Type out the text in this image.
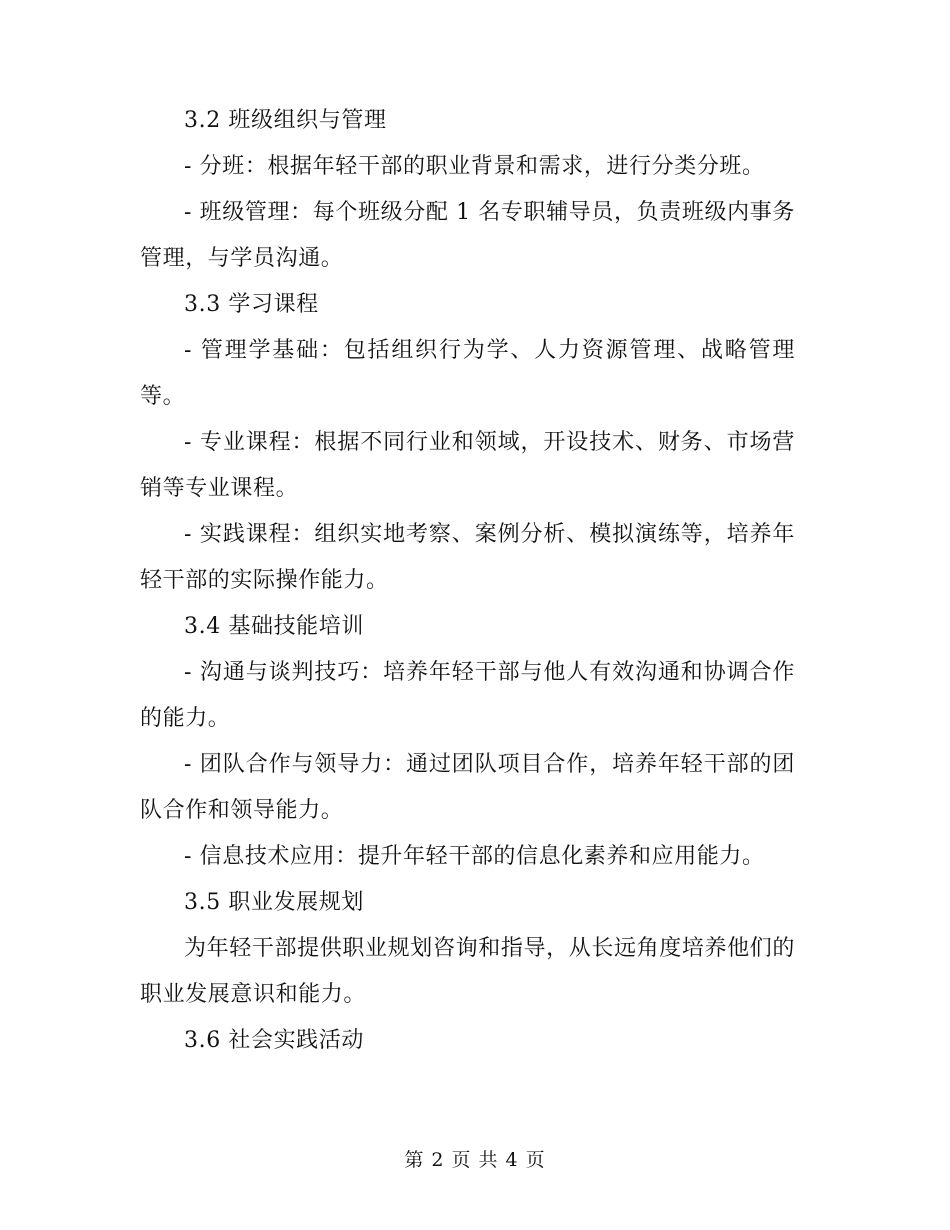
3.2 班级组织与管理

- 分班：根据年轻干部的职业背景和需求，进行分类分班。

- 班级管理：每个班级分配 1 名专职辅导员，负责班级内事务管理，与学员沟通。

3.3 学习课程

- 管理学基础：包括组织行为学、人力资源管理、战略管理等。

- 专业课程：根据不同行业和领域，开设技术、财务、市场营销等专业课程。

- 实践课程：组织实地考察、案例分析、模拟演练等，培养年轻干部的实际操作能力。

3.4 基础技能培训

- 沟通与谈判技巧：培养年轻干部与他人有效沟通和协调合作的能力。

- 团队合作与领导力：通过团队项目合作，培养年轻干部的团队合作和领导能力。

- 信息技术应用：提升年轻干部的信息化素养和应用能力。

3.5 职业发展规划

为年轻干部提供职业规划咨询和指导，从长远角度培养他们的职业发展意识和能力。

3.6 社会实践活动

第 2 页 共 4 页
